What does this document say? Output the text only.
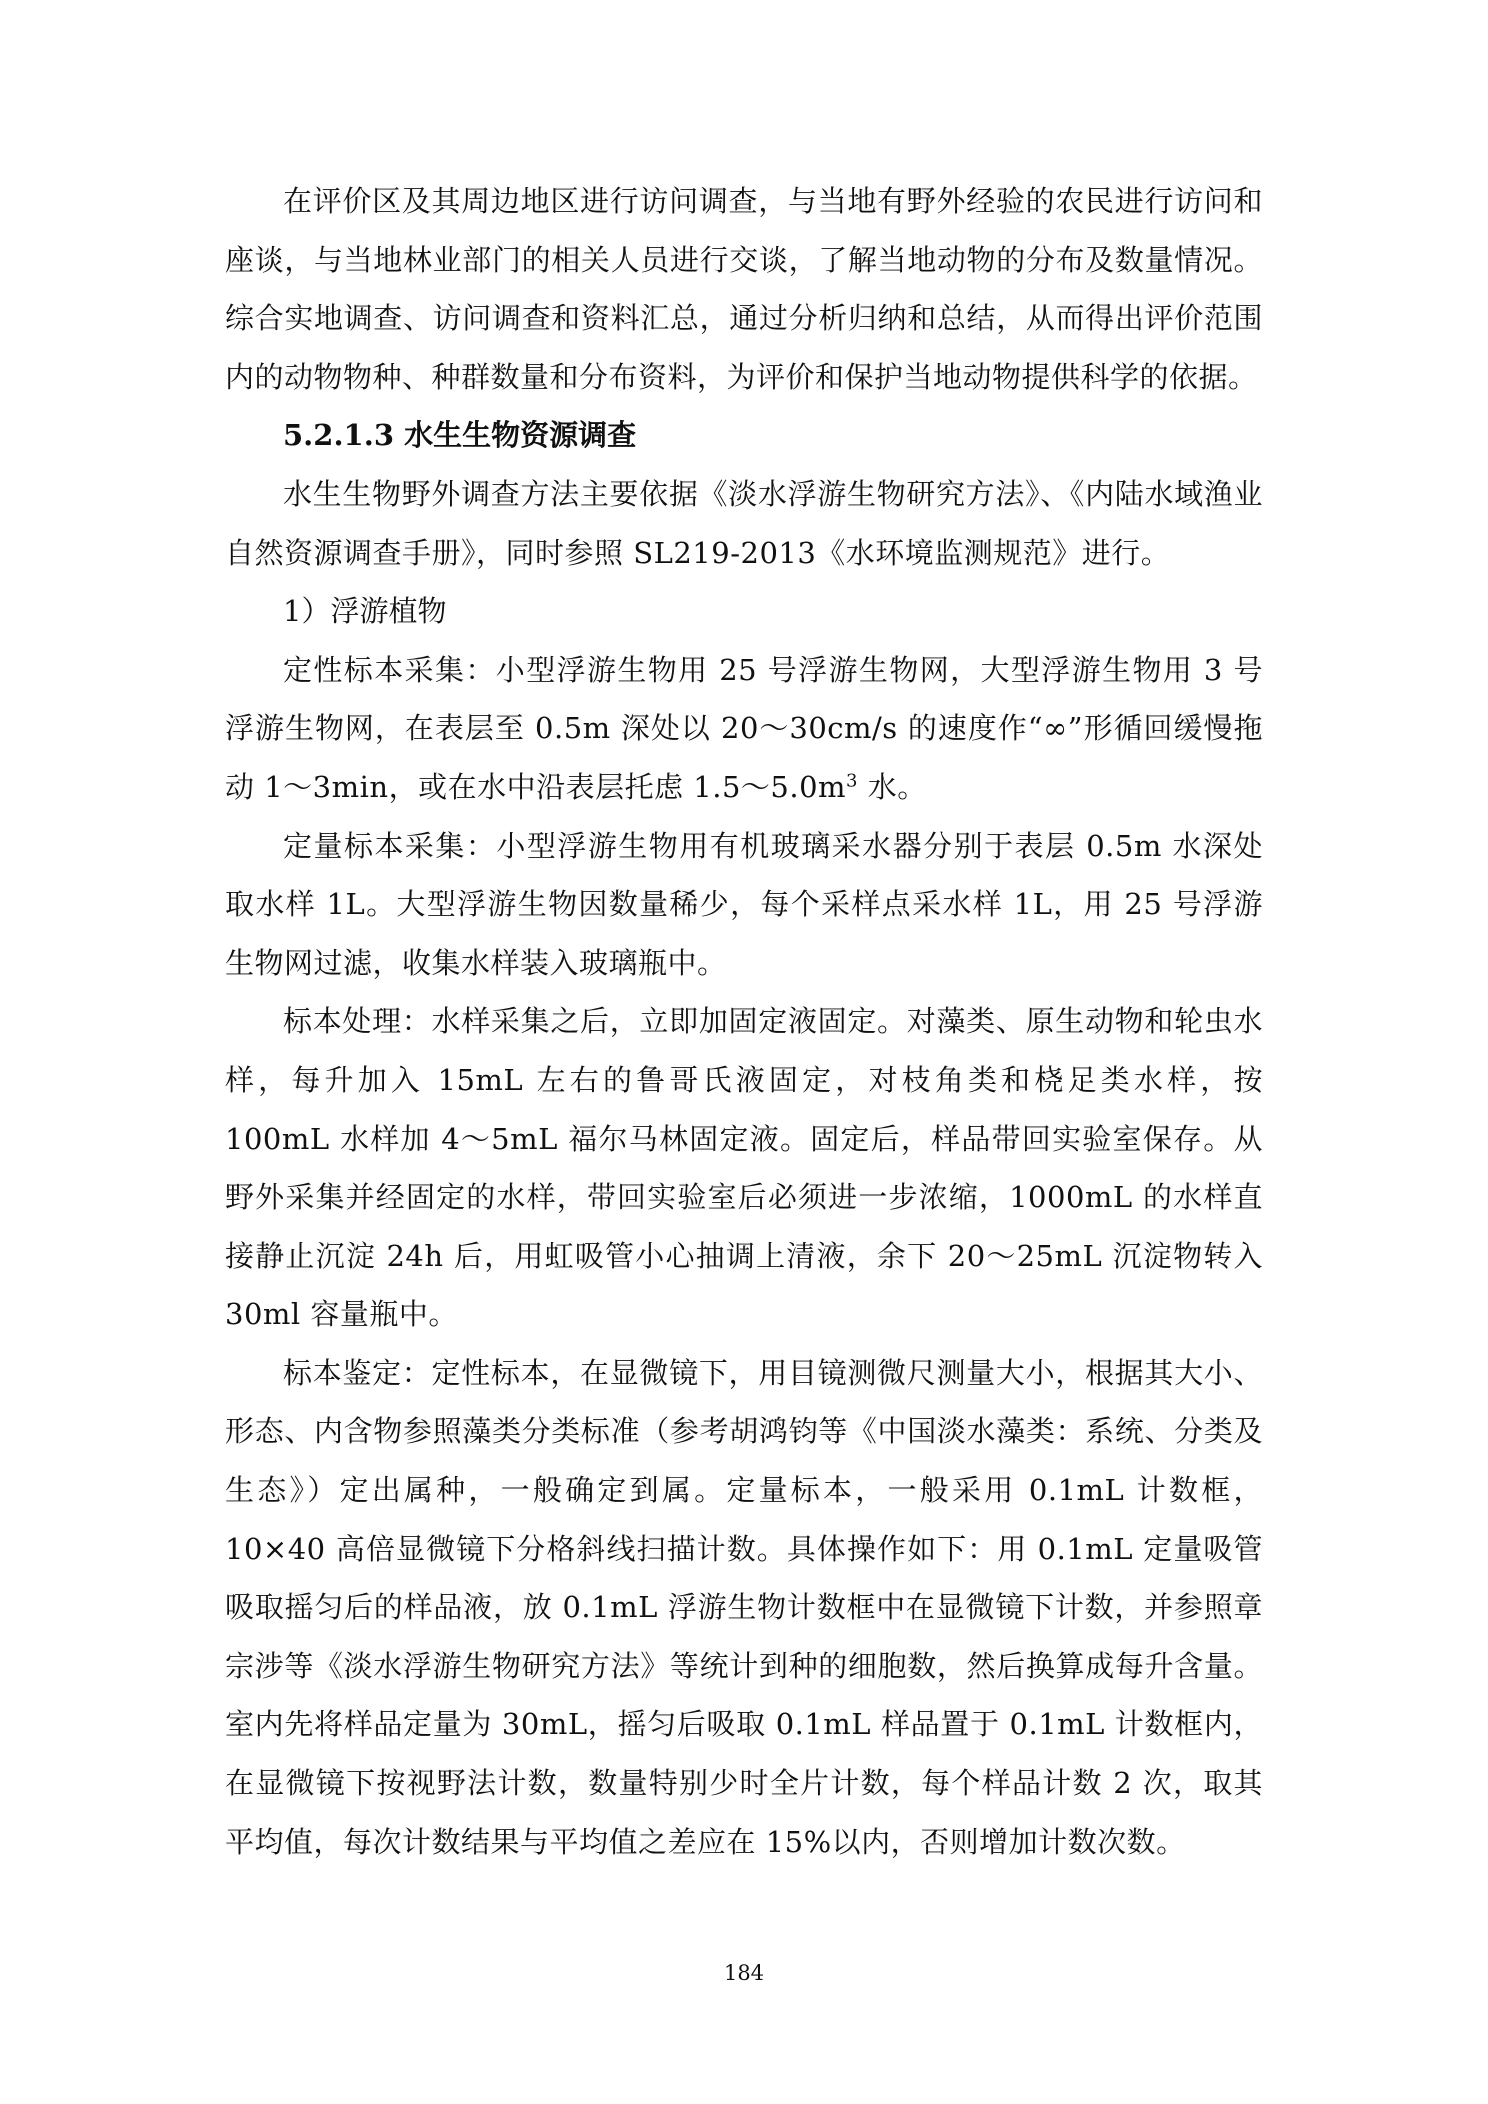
在评价区及其周边地区进行访问调查，与当地有野外经验的农民进行访问和座谈，与当地林业部门的相关人员进行交谈，了解当地动物的分布及数量情况。综合实地调查、访问调查和资料汇总，通过分析归纳和总结，从而得出评价范围内的动物物种、种群数量和分布资料，为评价和保护当地动物提供科学的依据。

5.2.1.3 水生生物资源调查

水生生物野外调查方法主要依据《淡水浮游生物研究方法》、《内陆水域渔业自然资源调查手册》，同时参照 SL219-2013《水环境监测规范》进行。

1）浮游植物

定性标本采集：小型浮游生物用 25 号浮游生物网，大型浮游生物用 3 号浮游生物网，在表层至 0.5m 深处以 20～30cm/s 的速度作“∞”形循回缓慢拖动 1～3min，或在水中沿表层托虑 $1.5\sim 5.0m^3$ 水。

定量标本采集：小型浮游生物用有机玻璃采水器分别于表层 0.5m 水深处取水样 1L。大型浮游生物因数量稀少，每个采样点采水样 1L，用 25 号浮游生物网过滤，收集水样装入玻璃瓶中。

标本处理：水样采集之后，立即加固定液固定。对藻类、原生动物和轮虫水样，每升加入 15mL 左右的鲁哥氏液固定，对枝角类和桡足类水样，按 100mL 水样加 4～5mL 福尔马林固定液。固定后，样品带回实验室保存。从野外采集并经固定的水样，带回实验室后必须进一步浓缩，1000mL 的水样直接静止沉淀 24h 后，用虹吸管小心抽调上清液，余下 20～25mL 沉淀物转入 30ml 容量瓶中。

标本鉴定：定性标本，在显微镜下，用目镜测微尺测量大小，根据其大小、形态、内含物参照藻类分类标准（参考胡鸿钧等《中国淡水藻类：系统、分类及生态》）定出属种，一般确定到属。定量标本，一般采用 0.1mL 计数框，10×40 高倍显微镜下分格斜线扫描计数。具体操作如下：用 0.1mL 定量吸管吸取摇匀后的样品液，放 0.1mL 浮游生物计数框中在显微镜下计数，并参照章宗涉等《淡水浮游生物研究方法》等统计到种的细胞数，然后换算成每升含量。室内先将样品定量为 30mL，摇匀后吸取 0.1mL 样品置于 0.1mL 计数框内，在显微镜下按视野法计数，数量特别少时全片计数，每个样品计数 2 次，取其平均值，每次计数结果与平均值之差应在 15%以内，否则增加计数次数。

184
